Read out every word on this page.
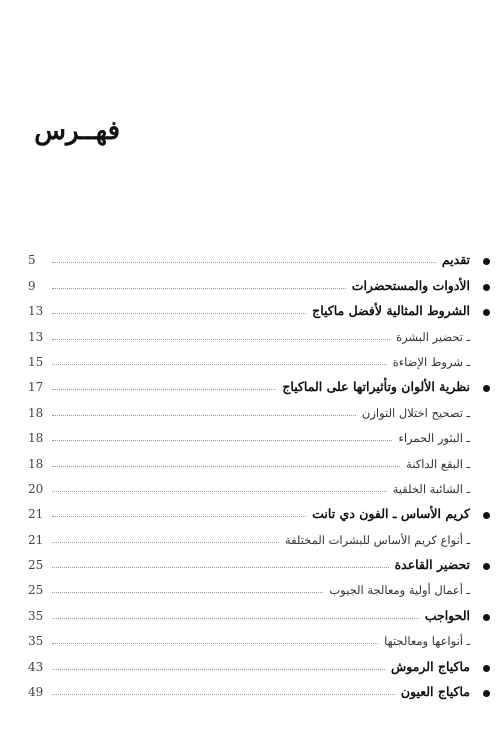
فهــرس
5	تقديم
9	الأدوات والمستحضرات
13	الشروط المثالية لأفضل ماكياج
13	ـ تحضير البشرة
15	ـ شروط الإضاءة
17	نظرية الألوان وتأثيراتها على الماكياج
18	ـ تصحيح اختلال التوازن
18	ـ البثور الحمراء
18	ـ البقع الداكنة
20	ـ الشائبة الخلقية
21	كريم الأساس ـ الفون دي تانت
21	ـ أنواع كريم الأساس للبشرات المختلفة
25	تحضير القاعدة
25	ـ أعمال أولية ومعالجة الجيوب
35	الحواجب
35	ـ أنواعها ومعالجتها
43	ماكياج الرموش
49	ماكياج العيون
